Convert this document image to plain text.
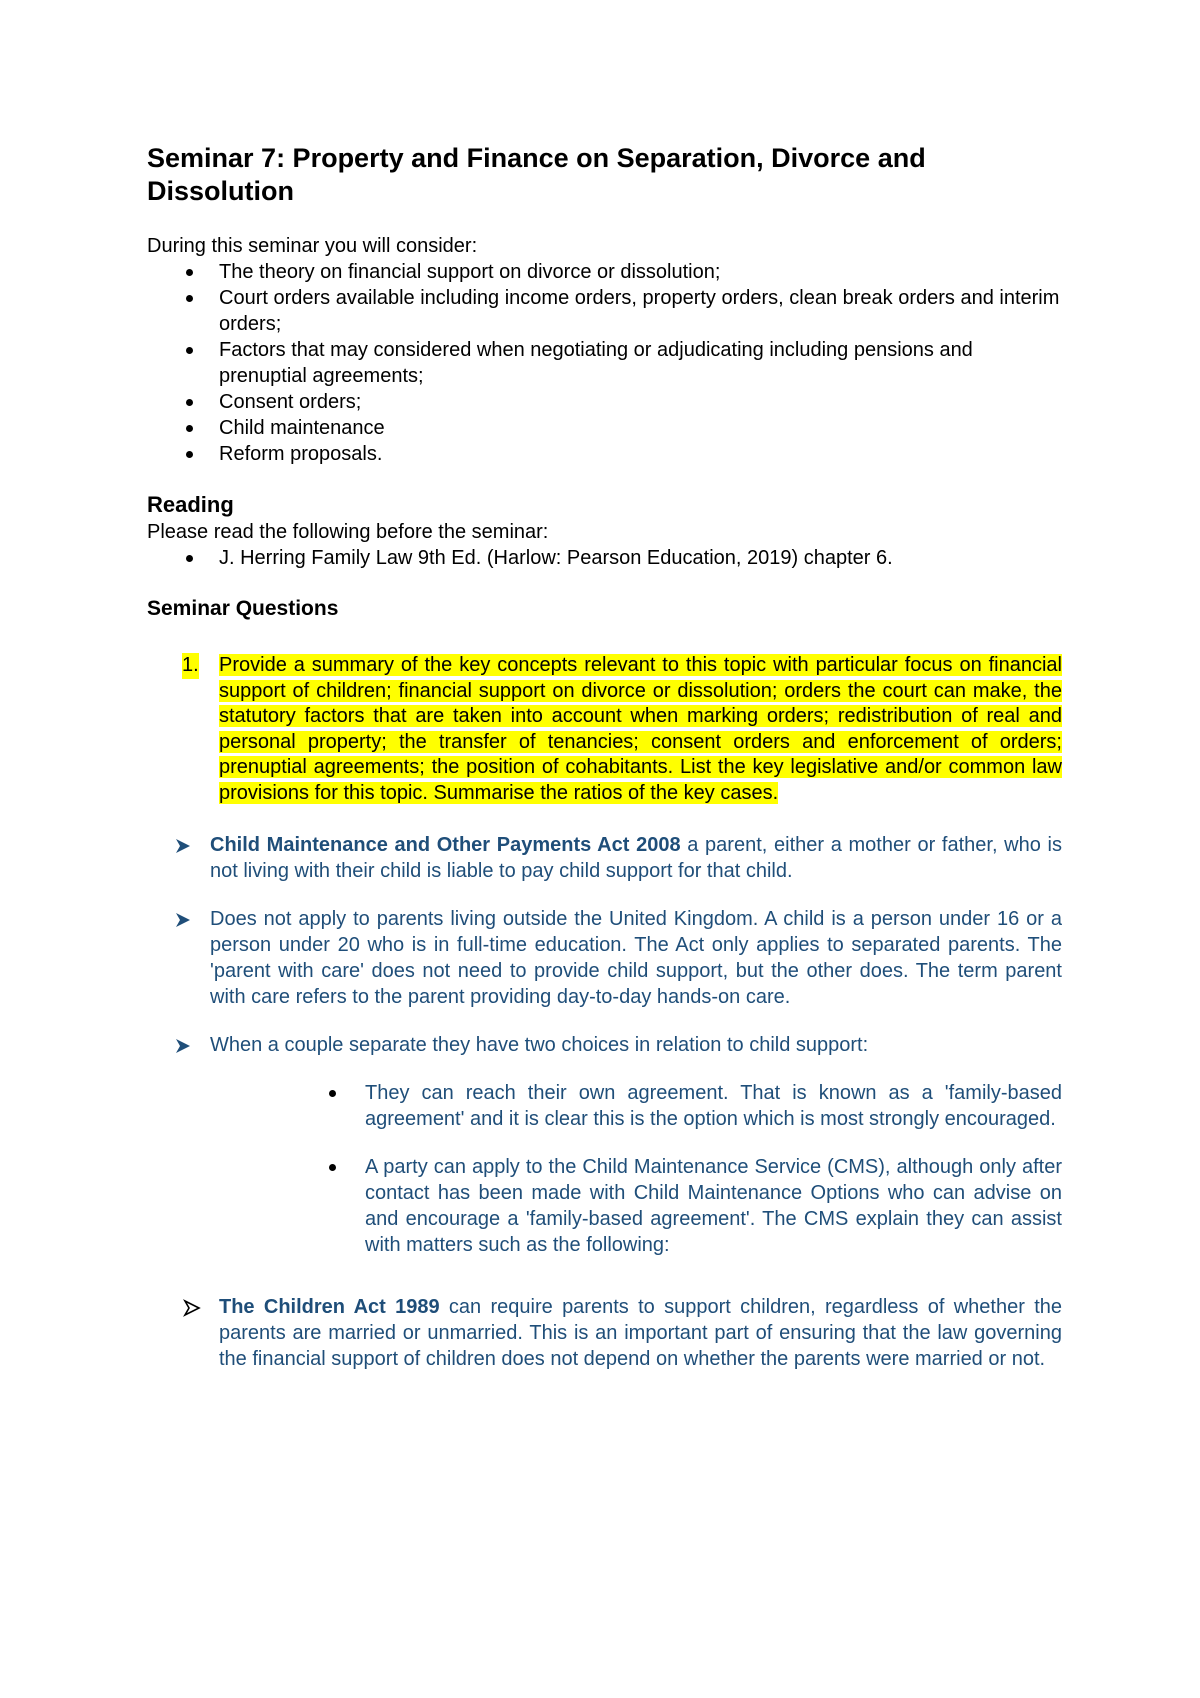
Seminar 7: Property and Finance on Separation, Divorce and Dissolution

During this seminar you will consider:

The theory on financial support on divorce or dissolution;
Court orders available including income orders, property orders, clean break orders and interim orders;
Factors that may considered when negotiating or adjudicating including pensions and prenuptial agreements;
Consent orders;
Child maintenance
Reform proposals.
Reading

Please read the following before the seminar:

J. Herring Family Law 9th Ed. (Harlow: Pearson Education, 2019) chapter 6.
Seminar Questions
1. Provide a summary of the key concepts relevant to this topic with particular focus on financial support of children; financial support on divorce or dissolution; orders the court can make, the statutory factors that are taken into account when marking orders; redistribution of real and personal property; the transfer of tenancies; consent orders and enforcement of orders; prenuptial agreements; the position of cohabitants. List the key legislative and/or common law provisions for this topic. Summarise the ratios of the key cases.
Child Maintenance and Other Payments Act 2008 a parent, either a mother or father, who is not living with their child is liable to pay child support for that child.
Does not apply to parents living outside the United Kingdom. A child is a person under 16 or a person under 20 who is in full-time education. The Act only applies to separated parents. The 'parent with care' does not need to provide child support, but the other does. The term parent with care refers to the parent providing day-to-day hands-on care.
When a couple separate they have two choices in relation to child support:
They can reach their own agreement. That is known as a 'family-based agreement' and it is clear this is the option which is most strongly encouraged.
A party can apply to the Child Maintenance Service (CMS), although only after contact has been made with Child Maintenance Options who can advise on and encourage a 'family-based agreement'. The CMS explain they can assist with matters such as the following:
The Children Act 1989 can require parents to support children, regardless of whether the parents are married or unmarried. This is an important part of ensuring that the law governing the financial support of children does not depend on whether the parents were married or not.
